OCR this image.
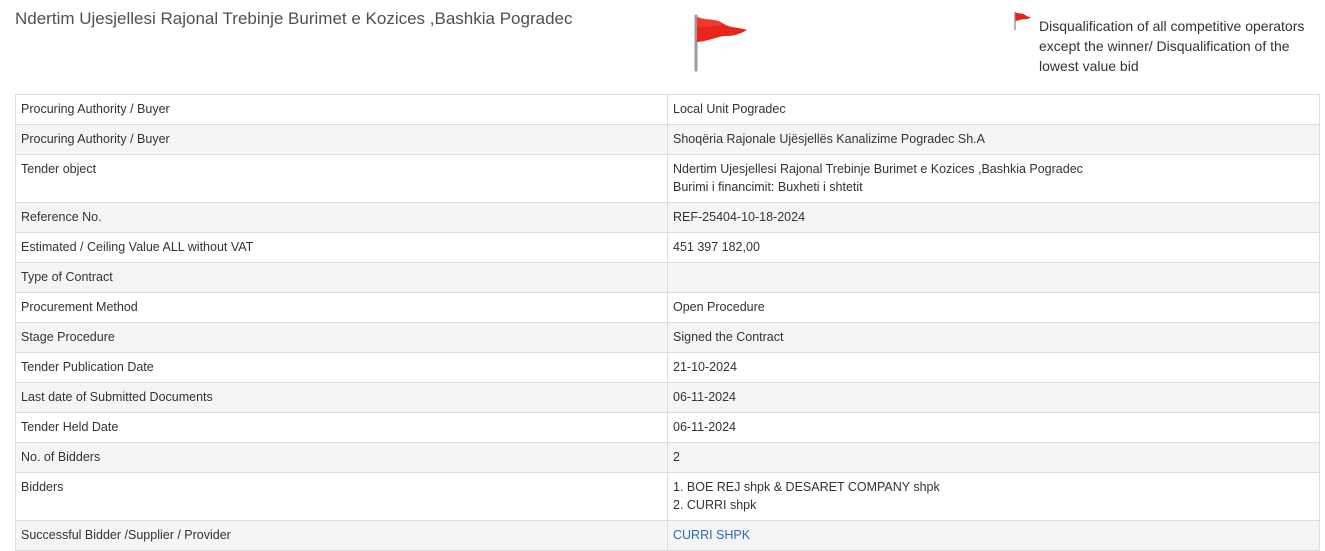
Ndertim Ujesjellesi Rajonal Trebinje Burimet e Kozices ,Bashkia Pogradec	Disqualification of all competitive operators except the winner/ Disqualification of the lowest value bid
Procuring Authority / Buyer	Local Unit Pogradec
Procuring Authority / Buyer	Shoqëria Rajonale Ujësjellës Kanalizime Pogradec Sh.A
Tender object	Ndertim Ujesjellesi Rajonal Trebinje Burimet e Kozices ,Bashkia Pogradec
Burimi i financimit: Buxheti i shtetit

Reference No.	REF-25404-10-18-2024
Estimated / Ceiling Value ALL without VAT	451 397 182,00
Type of Contract	
Procurement Method	Open Procedure
Stage Procedure	Signed the Contract
Tender Publication Date	21-10-2024
Last date of Submitted Documents	06-11-2024
Tender Held Date	06-11-2024
No. of Bidders	2
Bidders	1. BOE REJ shpk & DESARET COMPANY shpk
2. CURRI shpk

Successful Bidder /Supplier / Provider	CURRI SHPK
